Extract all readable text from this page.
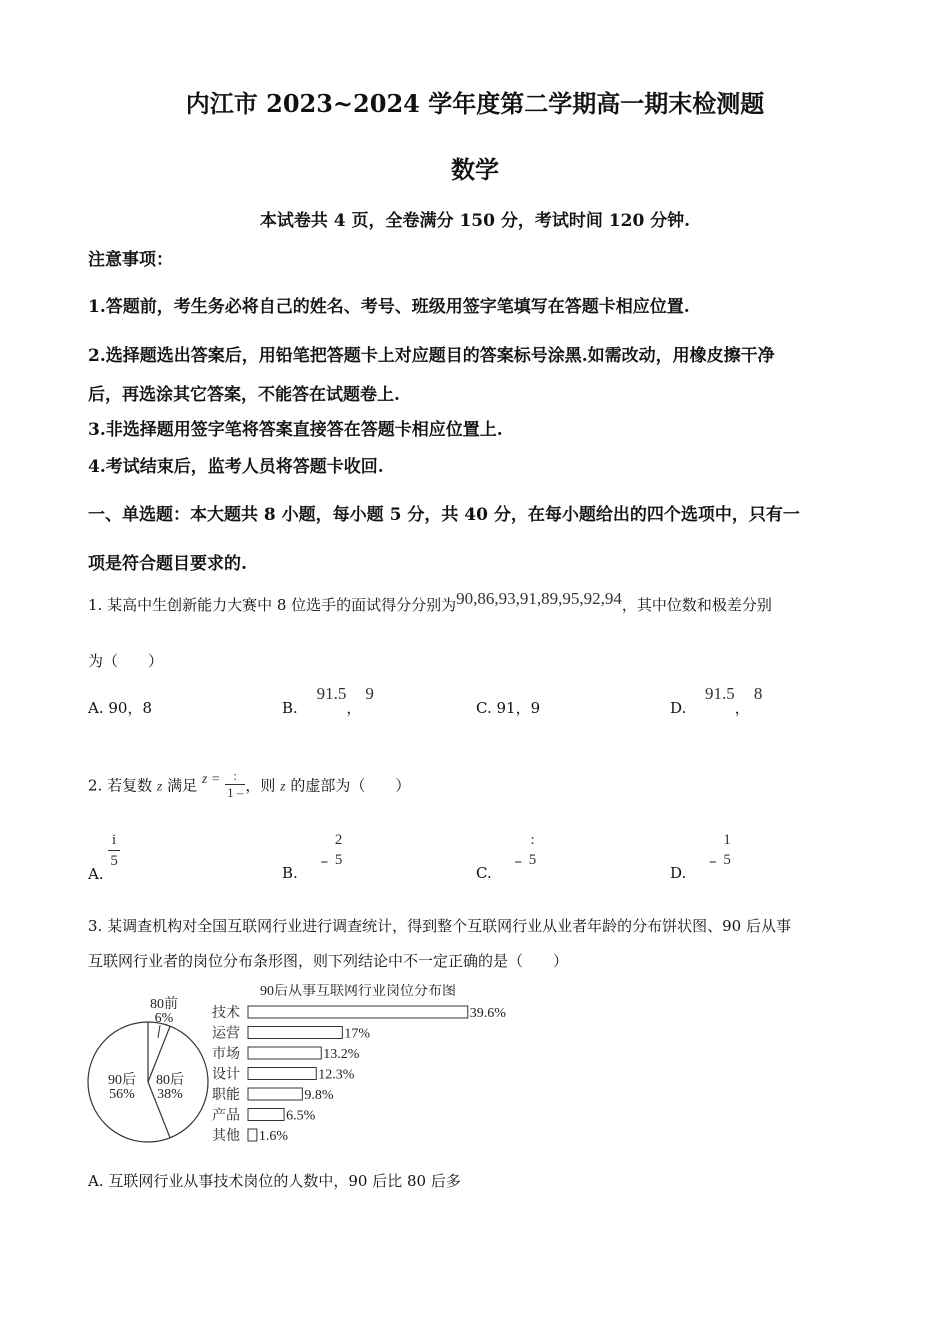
内江市 2023~2024 学年度第二学期高一期末检测题
数学
本试卷共 4 页，全卷满分 150 分，考试时间 120 分钟.
注意事项：
1.答题前，考生务必将自己的姓名、考号、班级用签字笔填写在答题卡相应位置.
2.选择题选出答案后，用铅笔把答题卡上对应题目的答案标号涂黑.如需改动，用橡皮擦干净
后，再选涂其它答案，不能答在试题卷上.
3.非选择题用签字笔将答案直接答在答题卡相应位置上.
4.考试结束后，监考人员将答题卡收回.
一、单选题：本大题共 8 小题，每小题 5 分，共 40 分，在每小题给出的四个选项中，只有一
项是符合题目要求的.
1. 某高中生创新能力大赛中 8 位选手的面试得分分别为90,86,93,91,89,95,92,94，其中位数和极差分别
为（　　）
A. 90，8	B. 91.5，9
C. 91，9	D. 91.5，8
2. 若复数 z 满足 $z = \frac{:}{1 -}$ ，则 z 的虚部为（　　）
A.
$\frac{i}{5}$
B. –
2
5
C. –
:
5
D. –
1
5
3. 某调查机构对全国互联网行业进行调查统计，得到整个互联网行业从业者年龄的分布饼状图、90 后从事
互联网行业者的岗位分布条形图，则下列结论中不一定正确的是（　　）
80前
6%
80后
38%
90后
56%
90后从事互联网行业岗位分布图
技术	39.6%
运营	17%
市场	13.2%
设计	12.3%
职能	9.8%
产品	6.5%
其他 1.6%
A. 互联网行业从事技术岗位的人数中，90 后比 80 后多
